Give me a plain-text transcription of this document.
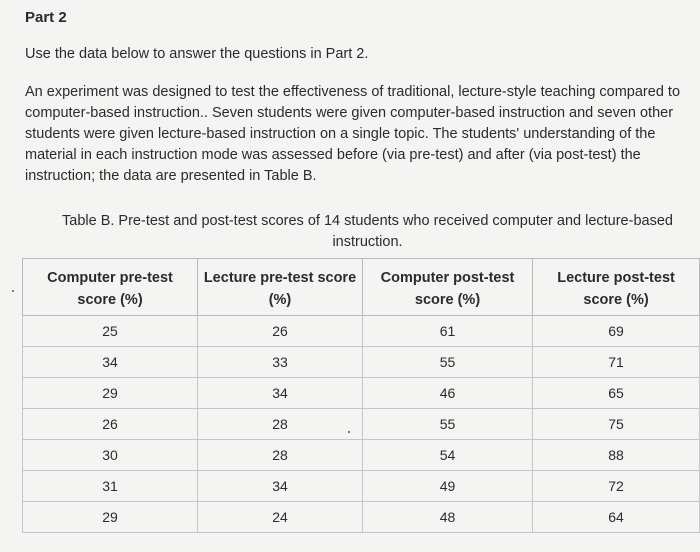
Part 2
Use the data below to answer the questions in Part 2.

An experiment was designed to test the effectiveness of traditional, lecture-style teaching compared to computer-based instruction.. Seven students were given computer-based instruction and seven other students were given lecture-based instruction on a single topic. The students' understanding of the material in each instruction mode was assessed before (via pre-test) and after (via post-test) the instruction; the data are presented in Table B.

Table B. Pre-test and post-test scores of 14 students who received computer and lecture-based instruction.
Computer pre-test score (%)	Lecture pre-test score (%)	Computer post-test score (%)	Lecture post-test score (%)
25	26	61	69
34	33	55	71
29	34	46	65
26	28	55	75
30	28	54	88
31	34	49	72
29	24	48	64
